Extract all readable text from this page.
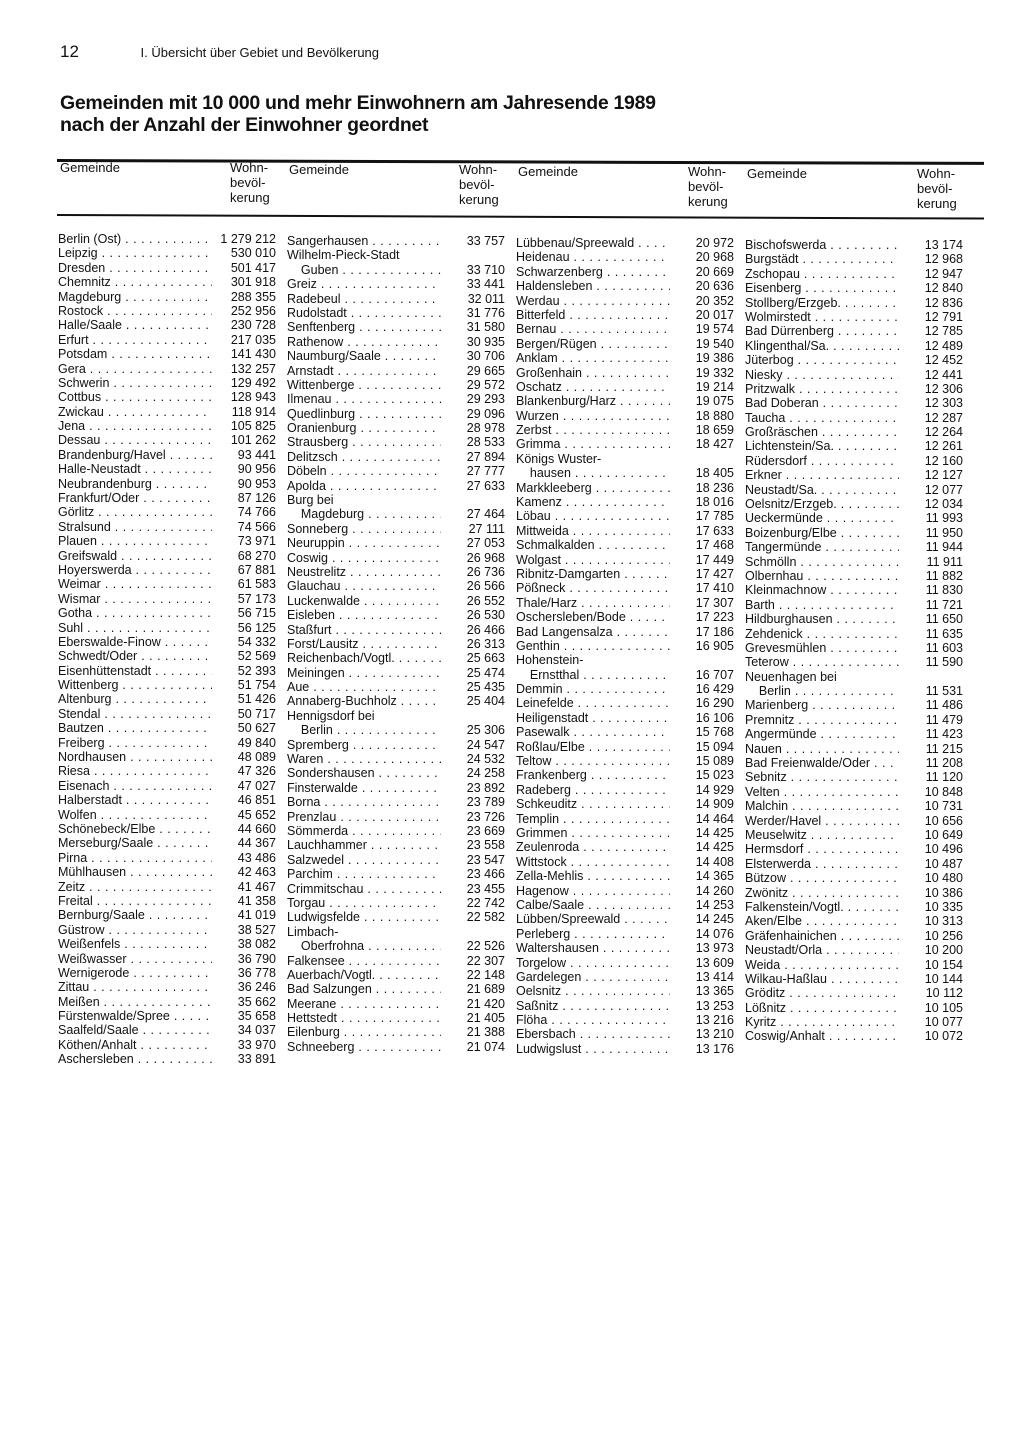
12	I. Übersicht über Gebiet und Bevölkerung
Gemeinden mit 10 000 und mehr Einwohnern am Jahresende 1989
nach der Anzahl der Einwohner geordnet
Gemeinde	Wohn-
bevöl-
kerung
Berlin (Ost) . . .	1 279 212
Leipzig . . .	530 010
Dresden . . .	501 417
Chemnitz . . .	301 918
Magdeburg . . .	288 355
Rostock . . .	252 956
Halle/Saale . . .	230 728
Erfurt . . .	217 035
Potsdam . . .	141 430
Gera . . .	132 257
Schwerin . . .	129 492
Cottbus . . .	128 943
Zwickau . . .	118 914
Jena . . .	105 825
Dessau . . .	101 262
Brandenburg/Havel . . .	93 441
Halle-Neustadt . . .	90 956
Neubrandenburg . . .	90 953
Frankfurt/Oder . . .	87 126
Görlitz . . .	74 766
Stralsund . . .	74 566
Plauen . . .	73 971
Greifswald . . .	68 270
Hoyerswerda . . .	67 881
Weimar . . .	61 583
Wismar . . .	57 173
Gotha . . .	56 715
Suhl . . .	56 125
Eberswalde-Finow . . .	54 332
Schwedt/Oder . . .	52 569
Eisenhüttenstadt . . .	52 393
Wittenberg . . .	51 754
Altenburg . . .	51 426
Stendal . . .	50 717
Bautzen . . .	50 627
Freiberg . . .	49 840
Nordhausen . . .	48 089
Riesa . . .	47 326
Eisenach . . .	47 027
Halberstadt . . .	46 851
Wolfen . . .	45 652
Schönebeck/Elbe . . .	44 660
Merseburg/Saale . . .	44 367
Pirna . . .	43 486
Mühlhausen . . .	42 463
Zeitz . . .	41 467
Freital . . .	41 358
Bernburg/Saale . . .	41 019
Güstrow . . .	38 527
Weißenfels . . .	38 082
Weißwasser . . .	36 790
Wernigerode . . .	36 778
Zittau . . .	36 246
Meißen . . .	35 662
Fürstenwalde/Spree . . .	35 658
Saalfeld/Saale . . .	34 037
Köthen/Anhalt . . .	33 970
Aschersleben . . .	33 891
Gemeinde	Wohn-
bevöl-
kerung
Sangerhausen . . .	33 757
Wilhelm-Pieck-Stadt
Guben . . .	33 710
Greiz . . .	33 441
Radebeul . . .	32 011
Rudolstadt . . .	31 776
Senftenberg . . .	31 580
Rathenow . . .	30 935
Naumburg/Saale . . .	30 706
Arnstadt . . .	29 665
Wittenberge . . .	29 572
Ilmenau . . .	29 293
Quedlinburg . . .	29 096
Oranienburg . . .	28 978
Strausberg . . .	28 533
Delitzsch . . .	27 894
Döbeln . . .	27 777
Apolda . . .	27 633
Burg bei
Magdeburg . . .	27 464
Sonneberg . . .	27 111
Neuruppin . . .	27 053
Coswig . . .	26 968
Neustrelitz . . .	26 736
Glauchau . . .	26 566
Luckenwalde . . .	26 552
Eisleben . . .	26 530
Staßfurt . . .	26 466
Forst/Lausitz . . .	26 313
Reichenbach/Vogtl. . . .	25 663
Meiningen . . .	25 474
Aue . . .	25 435
Annaberg-Buchholz . . .	25 404
Hennigsdorf bei
Berlin . . .	25 306
Spremberg . . .	24 547
Waren . . .	24 532
Sondershausen . . .	24 258
Finsterwalde . . .	23 892
Borna . . .	23 789
Prenzlau . . .	23 726
Sömmerda . . .	23 669
Lauchhammer . . .	23 558
Salzwedel . . .	23 547
Parchim . . .	23 466
Crimmitschau . . .	23 455
Torgau . . .	22 742
Ludwigsfelde . . .	22 582
Limbach-
Oberfrohna . . .	22 526
Falkensee . . .	22 307
Auerbach/Vogtl. . . .	22 148
Bad Salzungen . . .	21 689
Meerane . . .	21 420
Hettstedt . . .	21 405
Eilenburg . . .	21 388
Schneeberg . . .	21 074
Gemeinde	Wohn-
bevöl-
kerung
Lübbenau/Spreewald . . .	20 972
Heidenau . . .	20 968
Schwarzenberg . . .	20 669
Haldensleben . . .	20 636
Werdau . . .	20 352
Bitterfeld . . .	20 017
Bernau . . .	19 574
Bergen/Rügen . . .	19 540
Anklam . . .	19 386
Großenhain . . .	19 332
Oschatz . . .	19 214
Blankenburg/Harz . . .	19 075
Wurzen . . .	18 880
Zerbst . . .	18 659
Grimma . . .	18 427
Königs Wuster-
hausen . . .	18 405
Markkleeberg . . .	18 236
Kamenz . . .	18 016
Löbau . . .	17 785
Mittweida . . .	17 633
Schmalkalden . . .	17 468
Wolgast . . .	17 449
Ribnitz-Damgarten . . .	17 427
Pößneck . . .	17 410
Thale/Harz . . .	17 307
Oschersleben/Bode . . .	17 223
Bad Langensalza . . .	17 186
Genthin . . .	16 905
Hohenstein-
Ernstthal . . .	16 707
Demmin . . .	16 429
Leinefelde . . .	16 290
Heiligenstadt . . .	16 106
Pasewalk . . .	15 768
Roßlau/Elbe . . .	15 094
Teltow . . .	15 089
Frankenberg . . .	15 023
Radeberg . . .	14 929
Schkeuditz . . .	14 909
Templin . . .	14 464
Grimmen . . .	14 425
Zeulenroda . . .	14 425
Wittstock . . .	14 408
Zella-Mehlis . . .	14 365
Hagenow . . .	14 260
Calbe/Saale . . .	14 253
Lübben/Spreewald . . .	14 245
Perleberg . . .	14 076
Waltershausen . . .	13 973
Torgelow . . .	13 609
Gardelegen . . .	13 414
Oelsnitz . . .	13 365
Saßnitz . . .	13 253
Flöha . . .	13 216
Ebersbach . . .	13 210
Ludwigslust . . .	13 176
Gemeinde	Wohn-
bevöl-
kerung
Bischofswerda . . .	13 174
Burgstädt . . .	12 968
Zschopau . . .	12 947
Eisenberg . . .	12 840
Stollberg/Erzgeb. . . .	12 836
Wolmirstedt . . .	12 791
Bad Dürrenberg . . .	12 785
Klingenthal/Sa. . . .	12 489
Jüterbog . . .	12 452
Niesky . . .	12 441
Pritzwalk . . .	12 306
Bad Doberan . . .	12 303
Taucha . . .	12 287
Großräschen . . .	12 264
Lichtenstein/Sa. . . .	12 261
Rüdersdorf . . .	12 160
Erkner . . .	12 127
Neustadt/Sa. . . .	12 077
Oelsnitz/Erzgeb. . . .	12 034
Ueckermünde . . .	11 993
Boizenburg/Elbe . . .	11 950
Tangermünde . . .	11 944
Schmölln . . .	11 911
Olbernhau . . .	11 882
Kleinmachnow . . .	11 830
Barth . . .	11 721
Hildburghausen . . .	11 650
Zehdenick . . .	11 635
Grevesmühlen . . .	11 603
Teterow . . .	11 590
Neuenhagen bei
Berlin . . .	11 531
Marienberg . . .	11 486
Premnitz . . .	11 479
Angermünde . . .	11 423
Nauen . . .	11 215
Bad Freienwalde/Oder . . .	11 208
Sebnitz . . .	11 120
Velten . . .	10 848
Malchin . . .	10 731
Werder/Havel . . .	10 656
Meuselwitz . . .	10 649
Hermsdorf . . .	10 496
Elsterwerda . . .	10 487
Bützow . . .	10 480
Zwönitz . . .	10 386
Falkenstein/Vogtl. . . .	10 335
Aken/Elbe . . .	10 313
Gräfenhainichen . . .	10 256
Neustadt/Orla . . .	10 200
Weida . . .	10 154
Wilkau-Haßlau . . .	10 144
Gröditz . . .	10 112
Lößnitz . . .	10 105
Kyritz . . .	10 077
Coswig/Anhalt . . .	10 072
